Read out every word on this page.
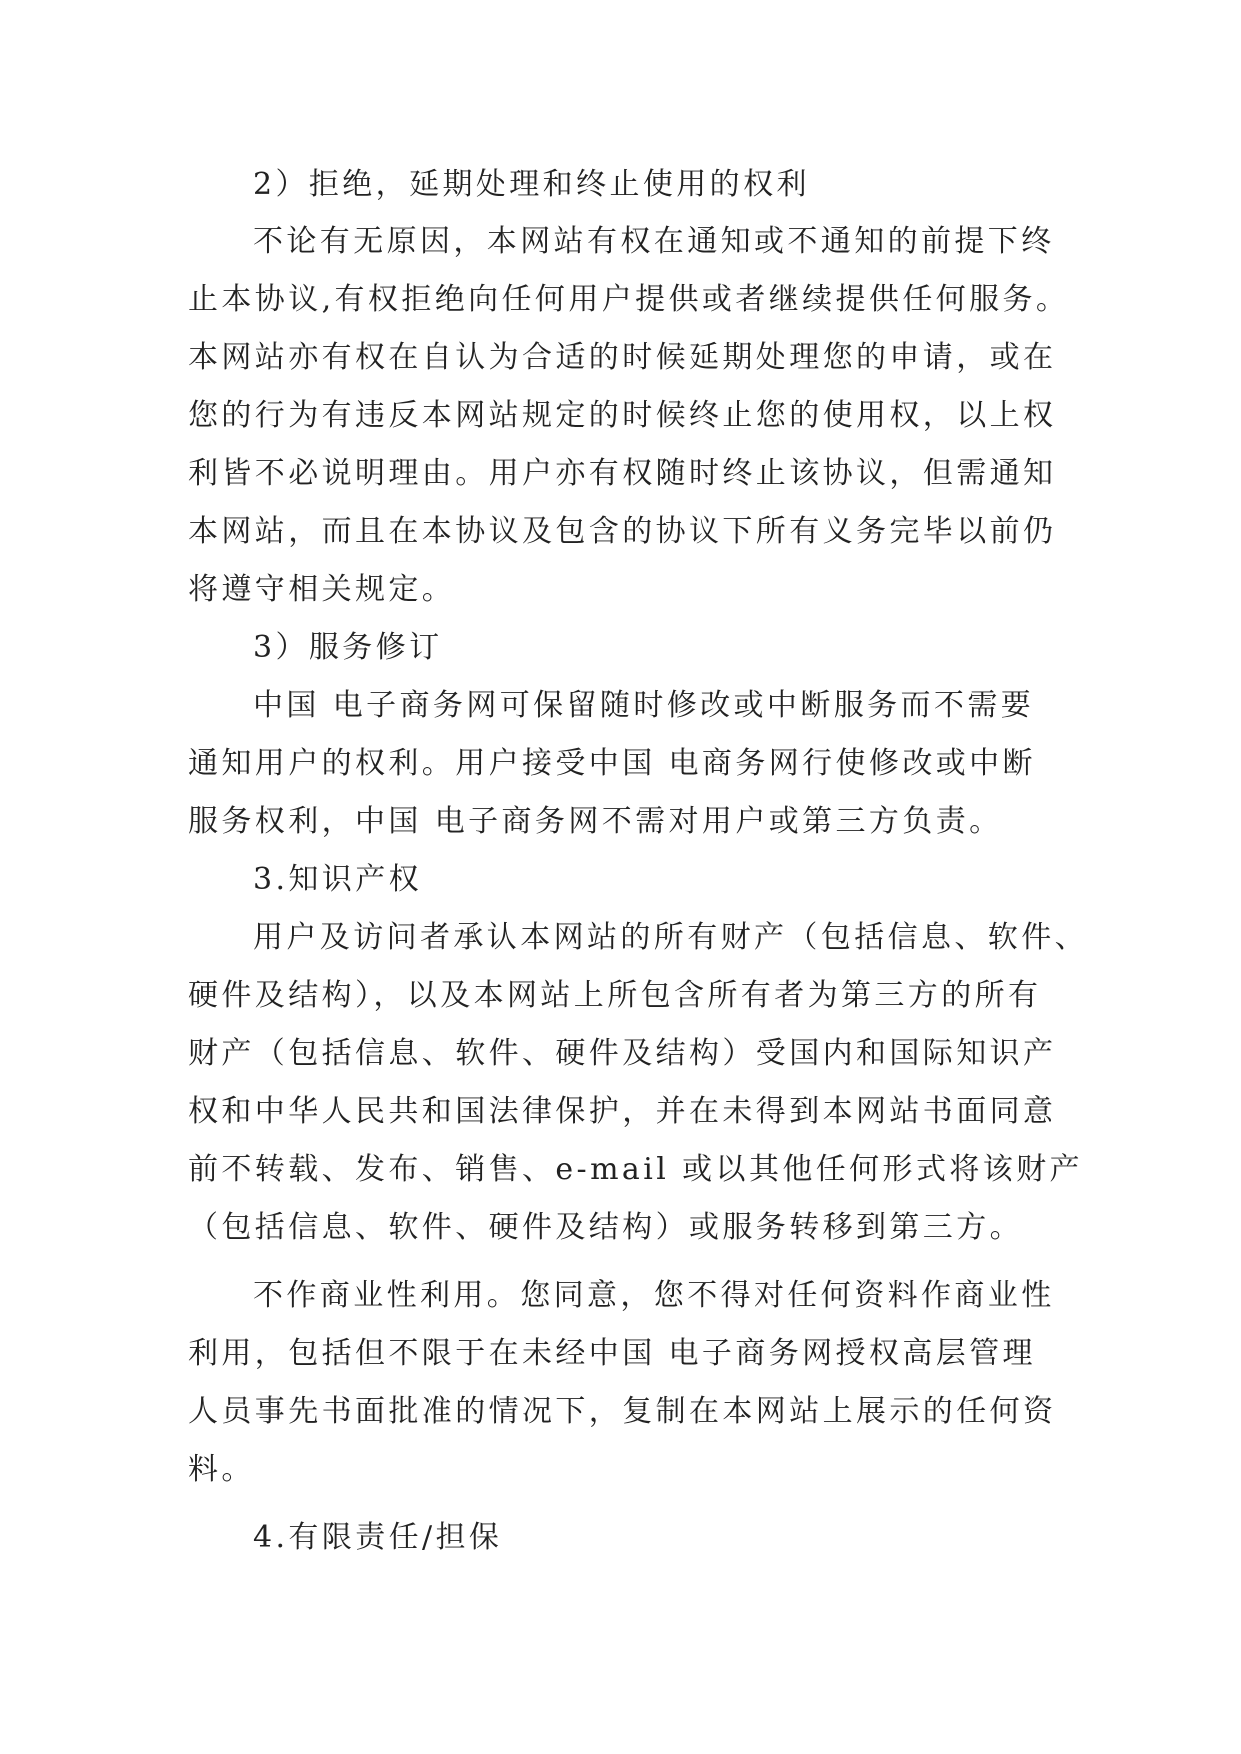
2）拒绝，延期处理和终止使用的权利
不论有无原因，本网站有权在通知或不通知的前提下终
止本协议,有权拒绝向任何用户提供或者继续提供任何服务。
本网站亦有权在自认为合适的时候延期处理您的申请，或在
您的行为有违反本网站规定的时候终止您的使用权，以上权
利皆不必说明理由。用户亦有权随时终止该协议，但需通知
本网站，而且在本协议及包含的协议下所有义务完毕以前仍
将遵守相关规定。
3）服务修订
中国 电子商务网可保留随时修改或中断服务而不需要
通知用户的权利。用户接受中国 电商务网行使修改或中断
服务权利，中国 电子商务网不需对用户或第三方负责。
3.知识产权
用户及访问者承认本网站的所有财产（包括信息、软件、
硬件及结构），以及本网站上所包含所有者为第三方的所有
财产（包括信息、软件、硬件及结构）受国内和国际知识产
权和中华人民共和国法律保护，并在未得到本网站书面同意
前不转载、发布、销售、e-mail 或以其他任何形式将该财产
（包括信息、软件、硬件及结构）或服务转移到第三方。
不作商业性利用。您同意，您不得对任何资料作商业性
利用，包括但不限于在未经中国 电子商务网授权高层管理
人员事先书面批准的情况下，复制在本网站上展示的任何资
料。
4.有限责任/担保
